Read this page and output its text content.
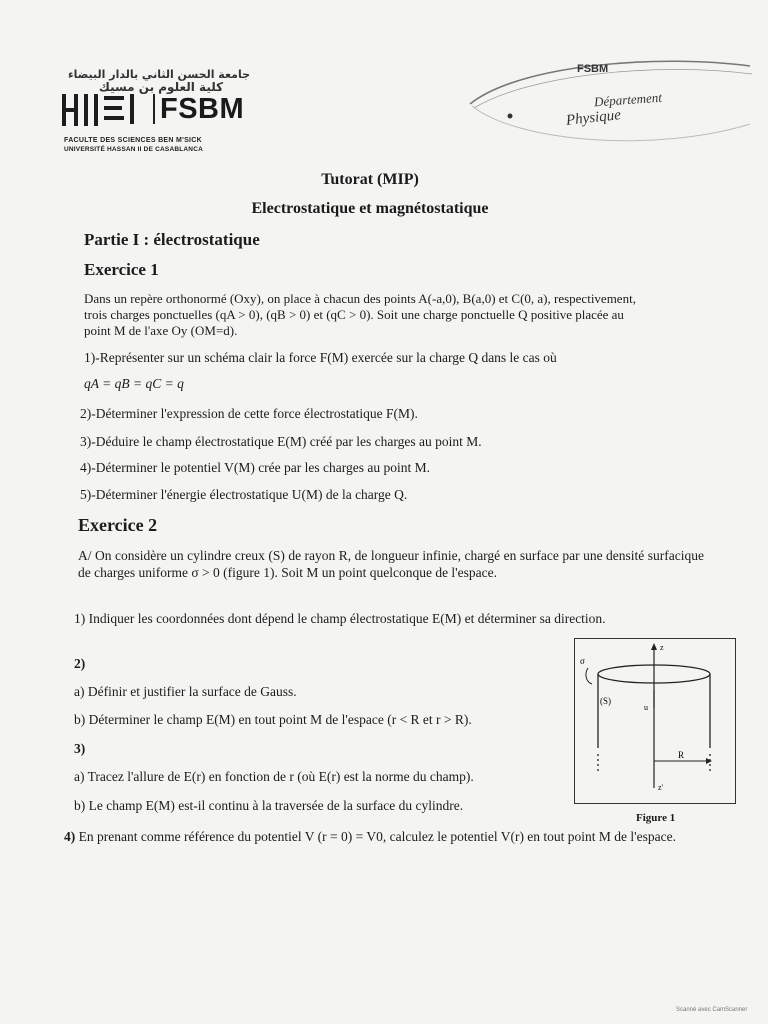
جامعة الحسن الثاني بالدار البيضاء
كلية العلوم بن مسيك
FSBM
FACULTE DES SCIENCES BEN M'SICK
UNIVERSITÉ HASSAN II DE CASABLANCA
FSBM
Département
Physique
Tutorat (MIP)
Electrostatique et magnétostatique
Partie I : électrostatique
Exercice 1
Dans un repère orthonormé (Oxy), on place à chacun des points A(-a,0), B(a,0) et C(0, a), respectivement, trois charges ponctuelles (qA > 0), (qB > 0) et (qC > 0). Soit une charge ponctuelle Q positive placée au point M de l'axe Oy (OM=d).
1)-Représenter sur un schéma clair la force F(M) exercée sur la charge Q dans le cas où
qA = qB = qC = q
2)-Déterminer l'expression de cette force électrostatique F(M).
3)-Déduire le champ électrostatique E(M) créé par les charges au point M.
4)-Déterminer le potentiel V(M) crée par les charges au point M.
5)-Déterminer l'énergie électrostatique U(M) de la charge Q.
Exercice 2
A/ On considère un cylindre creux (S) de rayon R, de longueur infinie, chargé en surface par une densité surfacique de charges uniforme σ > 0 (figure 1). Soit M un point quelconque de l'espace.
1) Indiquer les coordonnées dont dépend le champ électrostatique E(M) et déterminer sa direction.
2)
a) Définir et justifier la surface de Gauss.
b) Déterminer le champ E(M) en tout point M de l'espace (r < R et r > R).
3)
a) Tracez l'allure de E(r) en fonction de r (où E(r) est la norme du champ).
b) Le champ E(M) est-il continu à la traversée de la surface du cylindre.
4) En prenant comme référence du potentiel V (r = 0) = V0, calculez le potentiel V(r) en tout point M de l'espace.
z
σ
(S)
u
R
z'
Figure 1
Scanné avec CamScanner
